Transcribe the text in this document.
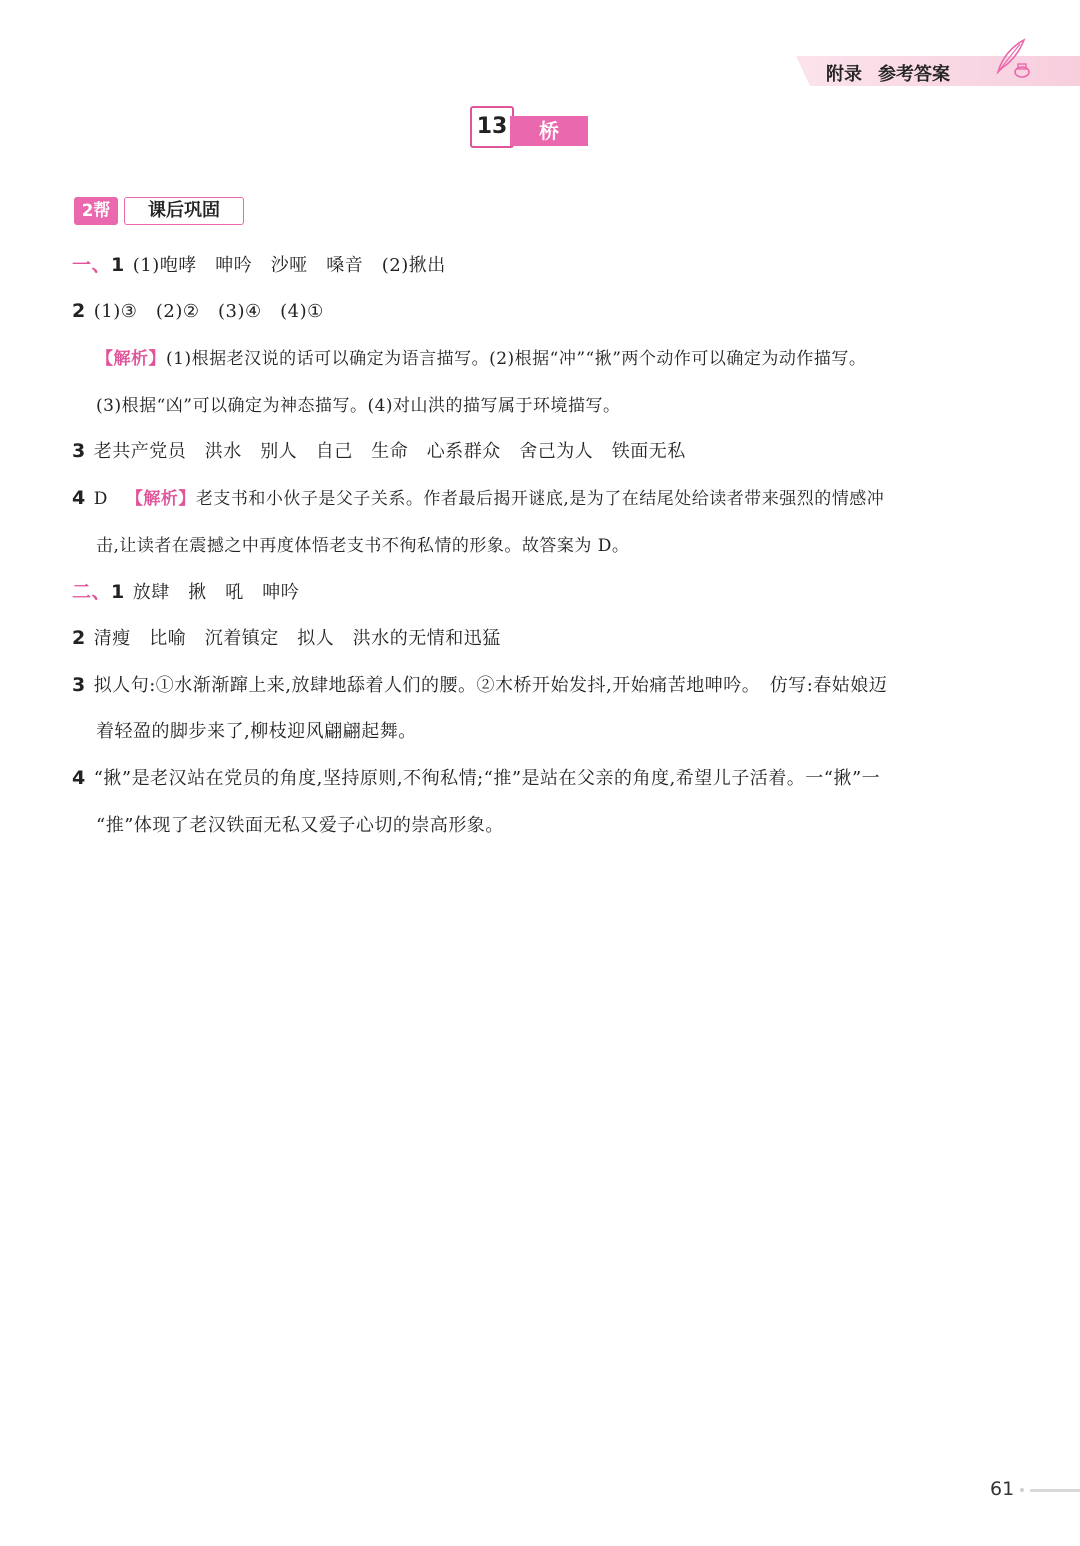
附录 参考答案
13	桥
2帮	课后巩固
一、1 (1)咆哮　呻吟　沙哑　嗓音　(2)揪出
2 (1)③　(2)②　(3)④　(4)①
【解析】(1)根据老汉说的话可以确定为语言描写。(2)根据“冲”“揪”两个动作可以确定为动作描写。
(3)根据“凶”可以确定为神态描写。(4)对山洪的描写属于环境描写。
3 老共产党员　洪水　别人　自己　生命　心系群众　舍己为人　铁面无私
4 D 【解析】老支书和小伙子是父子关系。作者最后揭开谜底,是为了在结尾处给读者带来强烈的情感冲
击,让读者在震撼之中再度体悟老支书不徇私情的形象。故答案为 D。
二、1 放肆　揪　吼　呻吟
2 清瘦　比喻　沉着镇定　拟人　洪水的无情和迅猛
3 拟人句:①水渐渐蹿上来,放肆地舔着人们的腰。②木桥开始发抖,开始痛苦地呻吟。　仿写:春姑娘迈
着轻盈的脚步来了,柳枝迎风翩翩起舞。
4 “揪”是老汉站在党员的角度,坚持原则,不徇私情;“推”是站在父亲的角度,希望儿子活着。一“揪”一
“推”体现了老汉铁面无私又爱子心切的崇高形象。
61
